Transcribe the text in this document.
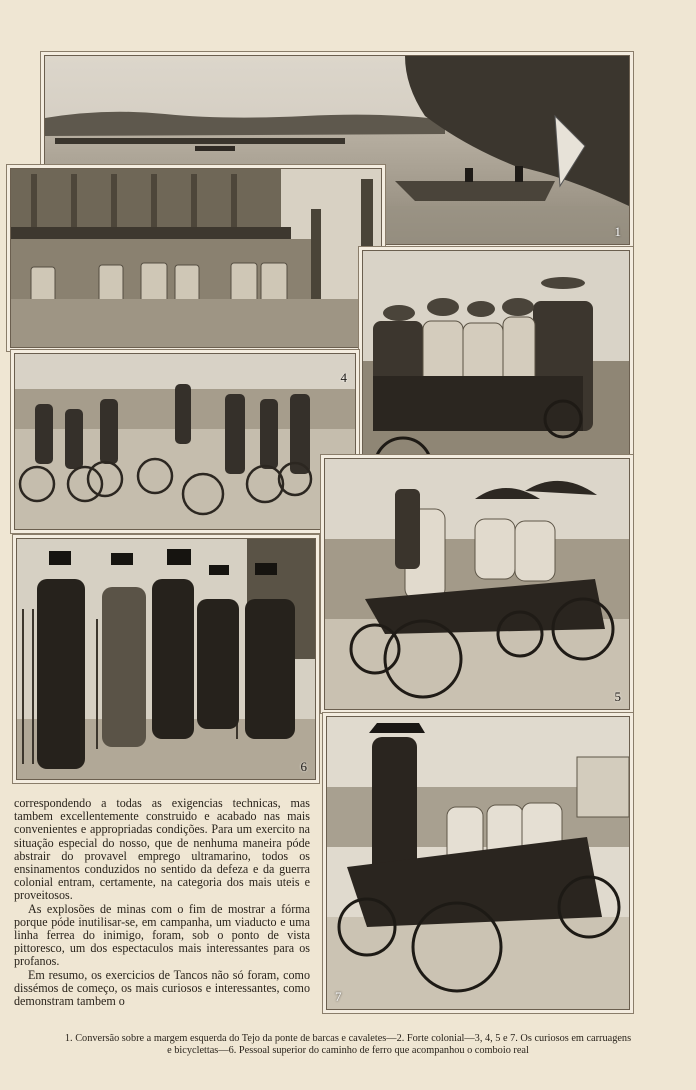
1
4
5
6
7

correspondendo a todas as exigencias technicas, mas tambem excellentemente construido e acabado nas mais convenientes e appropriadas condições. Para um exercito na situação especial do nosso, que de nenhuma maneira póde abstrair do provavel emprego ultramarino, todos os ensinamentos conduzidos no sentido da defeza e da guerra colonial entram, certamente, na categoria dos mais uteis e proveitosos.

As explosões de minas com o fim de mostrar a fórma porque póde inutilisar-se, em campanha, um viaducto e uma linha ferrea do inimigo, foram, sob o ponto de vista pittoresco, um dos espectaculos mais interessantes para os profanos.

Em resumo, os exercicios de Tancos não só foram, como dissémos de começo, os mais curiosos e interessantes, como demonstram tambem o

1. Conversão sobre a margem esquerda do Tejo da ponte de barcas e cavaletes—2. Forte colonial—3, 4, 5 e 7. Os curiosos em carruagens
e bicyclettas—6. Pessoal superior do caminho de ferro que acompanhou o comboio real
